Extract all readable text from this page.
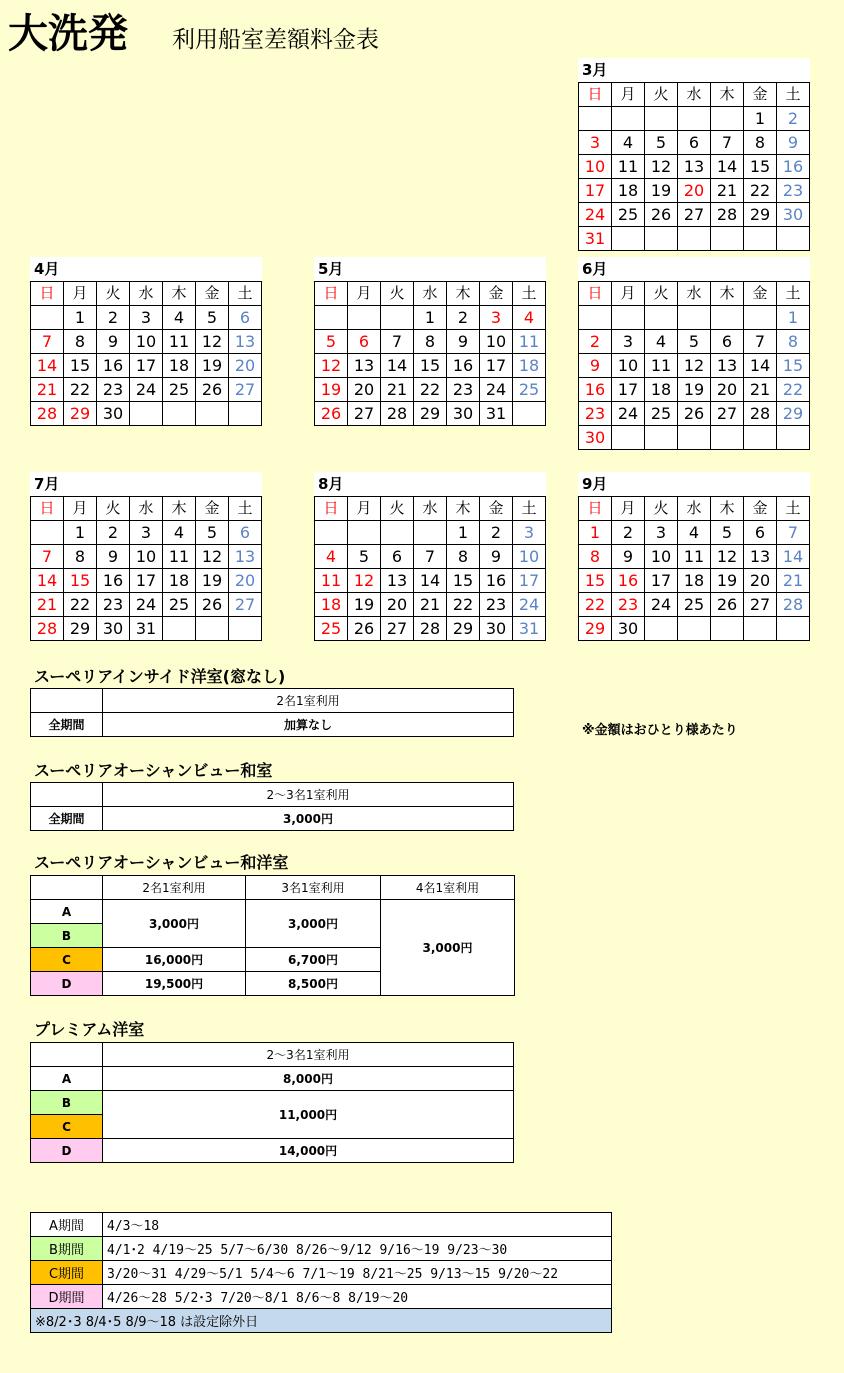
大洗発 利用船室差額料金表
3月
日	月	火	水	木	金	土
					1	2
3	4	5	6	7	8	9
10	11	12	13	14	15	16
17	18	19	20	21	22	23
24	25	26	27	28	29	30
31						
4月
日	月	火	水	木	金	土
	1	2	3	4	5	6
7	8	9	10	11	12	13
14	15	16	17	18	19	20
21	22	23	24	25	26	27
28	29	30				
5月
日	月	火	水	木	金	土
			1	2	3	4
5	6	7	8	9	10	11
12	13	14	15	16	17	18
19	20	21	22	23	24	25
26	27	28	29	30	31	
6月
日	月	火	水	木	金	土
						1
2	3	4	5	6	7	8
9	10	11	12	13	14	15
16	17	18	19	20	21	22
23	24	25	26	27	28	29
30						
7月
日	月	火	水	木	金	土
	1	2	3	4	5	6
7	8	9	10	11	12	13
14	15	16	17	18	19	20
21	22	23	24	25	26	27
28	29	30	31			
8月
日	月	火	水	木	金	土
				1	2	3
4	5	6	7	8	9	10
11	12	13	14	15	16	17
18	19	20	21	22	23	24
25	26	27	28	29	30	31
9月
日	月	火	水	木	金	土
1	2	3	4	5	6	7
8	9	10	11	12	13	14
15	16	17	18	19	20	21
22	23	24	25	26	27	28
29	30					
スーペリアインサイド洋室(窓なし)
	2名1室利用
全期間	加算なし	※金額はおひとり様あたり
スーペリアオーシャンビュー和室
	2～3名1室利用
全期間	3,000円
スーペリアオーシャンビュー和洋室
	2名1室利用	3名1室利用	4名1室利用
A	3,000円	3,000円	3,000円
B			
C	16,000円	6,700円	
D	19,500円	8,500円	
プレミアム洋室
	2～3名1室利用
A	8,000円
B	11,000円
C	
D	14,000円
A期間	4/3～18
B期間	4/1･2 4/19～25 5/7～6/30 8/26～9/12 9/16～19 9/23～30
C期間	3/20～31 4/29～5/1 5/4～6 7/1～19 8/21～25 9/13～15 9/20～22
D期間	4/26～28 5/2･3 7/20～8/1 8/6～8 8/19～20
※8/2･3 8/4･5 8/9～18 は設定除外日	
